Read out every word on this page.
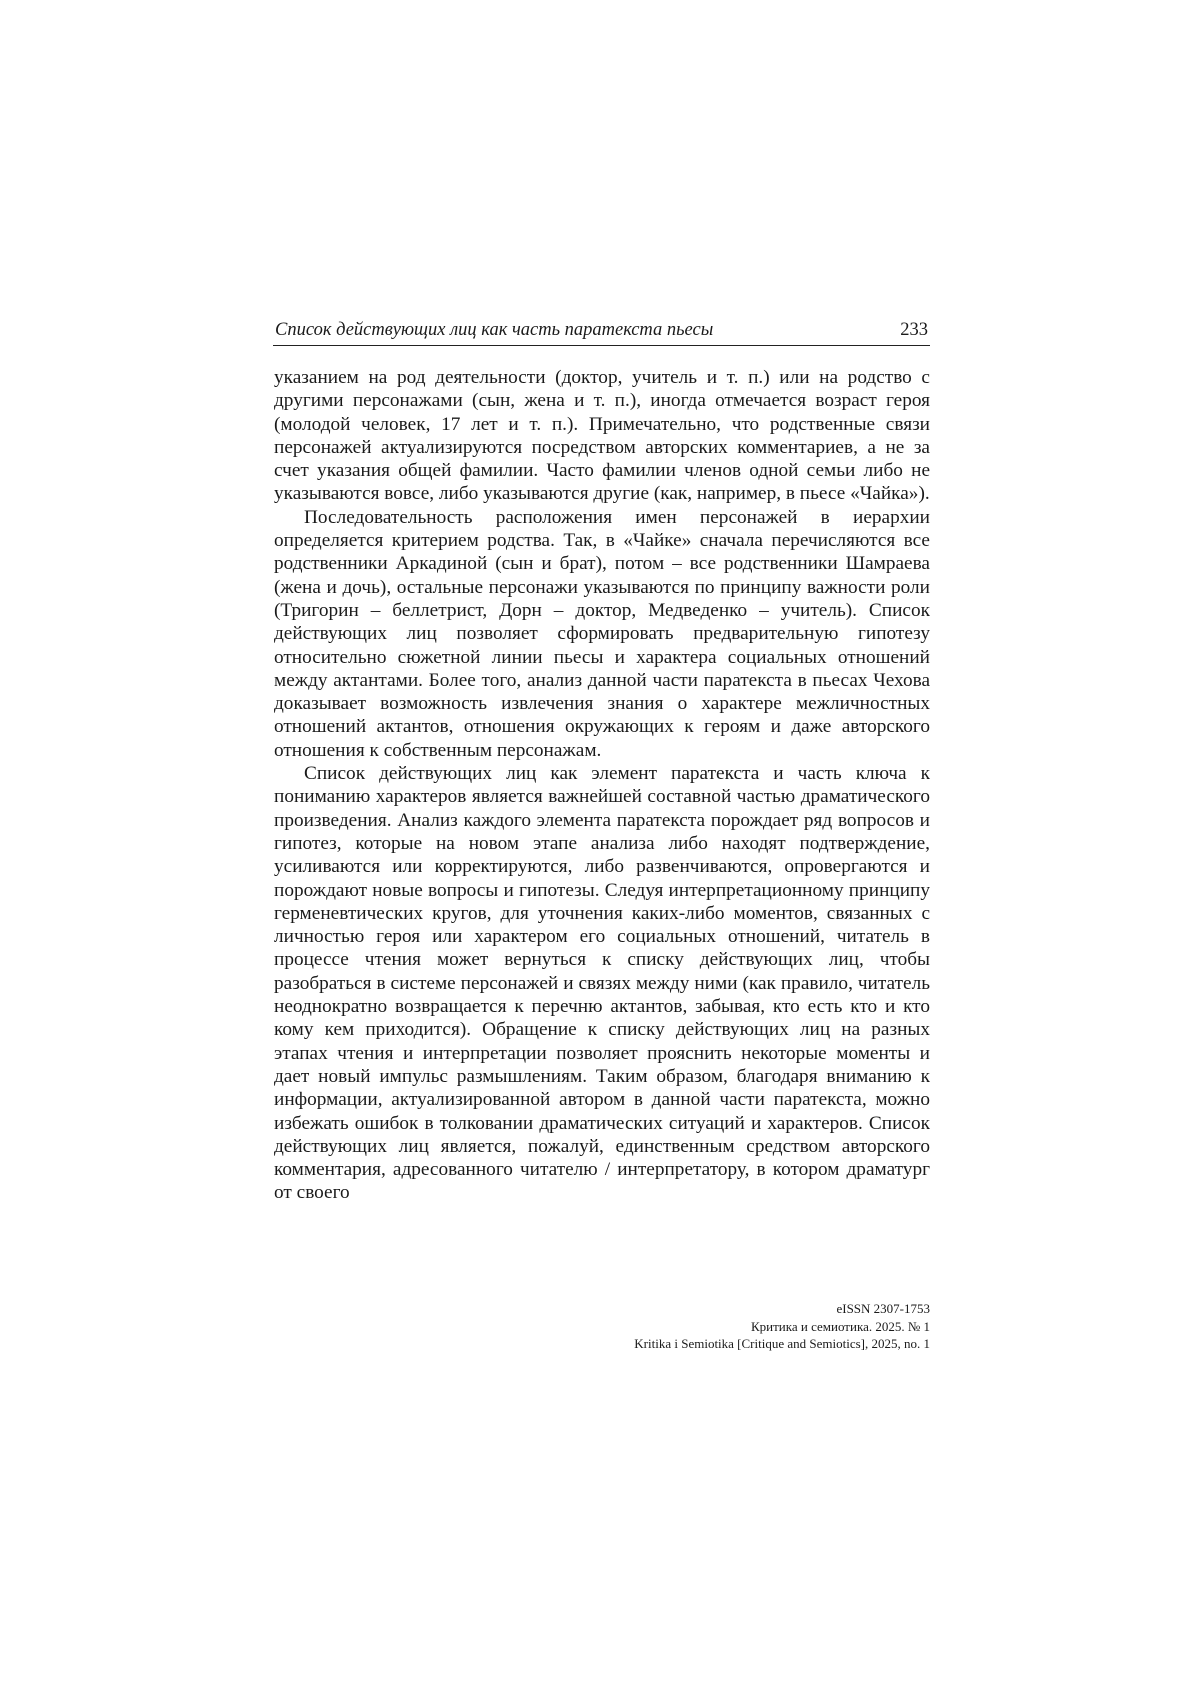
Список действующих лиц как часть паратекста пьесы	233

указанием на род деятельности (доктор, учитель и т. п.) или на родство с другими персонажами (сын, жена и т. п.), иногда отмечается возраст героя (молодой человек, 17 лет и т. п.). Примечательно, что родственные связи персонажей актуализируются посредством авторских комментариев, а не за счет указания общей фамилии. Часто фамилии членов одной семьи либо не указываются вовсе, либо указываются другие (как, например, в пьесе «Чайка»).

Последовательность расположения имен персонажей в иерархии определяется критерием родства. Так, в «Чайке» сначала перечисляются все родственники Аркадиной (сын и брат), потом – все родственники Шамраева (жена и дочь), остальные персонажи указываются по принципу важности роли (Тригорин – беллетрист, Дорн – доктор, Медведенко – учитель). Список действующих лиц позволяет сформировать предварительную гипотезу относительно сюжетной линии пьесы и характера социальных отношений между актантами. Более того, анализ данной части паратекста в пьесах Чехова доказывает возможность извлечения знания о характере межличностных отношений актантов, отношения окружающих к героям и даже авторского отношения к собственным персонажам.

Список действующих лиц как элемент паратекста и часть ключа к пониманию характеров является важнейшей составной частью драматического произведения. Анализ каждого элемента паратекста порождает ряд вопросов и гипотез, которые на новом этапе анализа либо находят подтверждение, усиливаются или корректируются, либо развенчиваются, опровергаются и порождают новые вопросы и гипотезы. Следуя интерпретационному принципу герменевтических кругов, для уточнения каких-либо моментов, связанных с личностью героя или характером его социальных отношений, читатель в процессе чтения может вернуться к списку действующих лиц, чтобы разобраться в системе персонажей и связях между ними (как правило, читатель неоднократно возвращается к перечню актантов, забывая, кто есть кто и кто кому кем приходится). Обращение к списку действующих лиц на разных этапах чтения и интерпретации позволяет прояснить некоторые моменты и дает новый импульс размышлениям. Таким образом, благодаря вниманию к информации, актуализированной автором в данной части паратекста, можно избежать ошибок в толковании драматических ситуаций и характеров. Список действующих лиц является, пожалуй, единственным средством авторского комментария, адресованного читателю / интерпретатору, в котором драматург от своего

eISSN 2307-1753
Критика и семиотика. 2025. № 1
Kritika i Semiotika [Critique and Semiotics], 2025, no. 1
